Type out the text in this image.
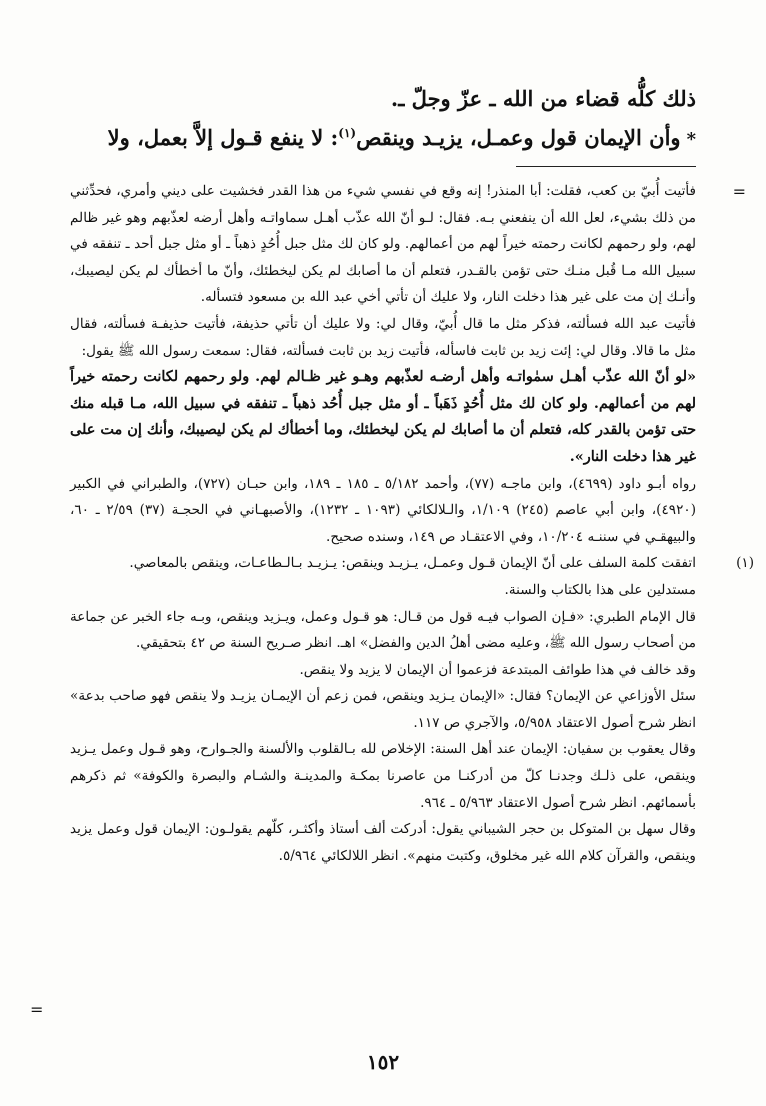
ذلك كلُّه قضاء من الله ـ عزّ وجلّ ـ.

*وأن الإيمان قول وعمـل، يزيـد وينقص$^{(١)}$: لا ينفع قـول إلاَّ بعمل، ولا

=

فأتيت أُبيّ بن كعب، فقلت: أبا المنذر! إنه وقع في نفسي شيء من هذا القدر فخشيت على ديني وأمري، فحدِّثني من ذلك بشيء، لعل الله أن ينفعني بـه. فقال: لـو أنّ الله عذّب أهـل سماواتـه وأهل أرضه لعذّبهم وهو غير ظالم لهم، ولو رحمهم لكانت رحمته خيراً لهم من أعمالهم. ولو كان لك مثل جبل أُحُدٍ ذهباً ـ أو مثل جبل أحد ـ تنفقه في سبيل الله مـا قُبل منـك حتى تؤمن بالقـدر، فتعلم أن ما أصابك لم يكن ليخطئك، وأنّ ما أخطأك لم يكن ليصيبك، وأنـك إن مت على غير هذا دخلت النار، ولا عليك أن تأتي أخي عبد الله بن مسعود فتسأله.

فأتيت عبد الله فسألته، فذكر مثل ما قال أُبيّ، وقال لي: ولا عليك أن تأتي حذيفة، فأتيت حذيفـة فسألته، فقال مثل ما قالا. وقال لي: إئت زيد بن ثابت فاسأله، فأتيت زيد بن ثابت فسألته، فقال: سمعت رسول الله ﷺ يقول:

«لو أنّ الله عذّب أهـل سمٰواتـه وأهل أرضـه لعذّبهم وهـو غير ظـالم لهم. ولو رحمهم لكانت رحمته خيراً لهم من أعمالهم. ولو كان لك مثل أُحُدٍ ذَهَباً ـ أو مثل جبل أُحُد ذهباً ـ تنفقه في سبيل الله، مـا قبله منك حتى تؤمن بالقدر كله، فتعلم أن ما أصابك لم يكن ليخطئك، وما أخطأك لم يكن ليصيبك، وأنك إن مت على غير هذا دخلت النار».

رواه أبـو داود (٤٦٩٩)، وابن ماجـه (٧٧)، وأحمد ٥/١٨٢ ـ ١٨٥ ـ ١٨٩، وابن حبـان (٧٢٧)، والطبراني في الكبير (٤٩٢٠)، وابن أبي عاصم (٢٤٥) ١/١٠٩، والـلالكائي (١٠٩٣ ـ ١٢٣٢)، والأصبهـاني في الحجـة (٣٧) ٢/٥٩ ـ ٦٠، والبيهقـي في سننـه ١٠/٢٠٤، وفي الاعتقـاد ص ١٤٩، وسنده صحيح.

(١)

اتفقت كلمة السلف على أنّ الإيمان قـول وعمـل، يـزيـد وينقص: يـزيـد بـالـطاعـات، وينقص بالمعاصي.

مستدلين على هذا بالكتاب والسنة.

قال الإمام الطبري: «فـإن الصواب فيـه قول من قـال: هو قـول وعمل، ويـزيد وينقص، وبـه جاء الخبر عن جماعة من أصحاب رسول الله ﷺ، وعليه مضى أهلُ الدين والفضل» اهـ. انظر صـريح السنة ص ٤٢ بتحقيقي.

وقد خالف في هذا طوائف المبتدعة فزعموا أن الإيمان لا يزيد ولا ينقص.

سئل الأوزاعي عن الإيمان؟ فقال: «الإيمان يـزيد وينقص، فمن زعم أن الإيمـان يزيـد ولا ينقص فهو صاحب بدعة» انظر شرح أصول الاعتقاد ٥/٩٥٨، والآجري ص ١١٧.

وقال يعقوب بن سفيان: الإيمان عند أهل السنة: الإخلاص لله بـالقلوب والألسنة والجـوارح، وهو قـول وعمل يـزيد وينقص، على ذلـك وجدنـا كلّ من أدركنـا من عاصرنا بمكـة والمدينـة والشـام والبصرة والكوفة» ثم ذكرهم بأسمائهم. انظر شرح أصول الاعتقاد ٥/٩٦٣ ـ ٩٦٤.

وقال سهل بن المتوكل بن حجر الشيباني يقول: أدركت ألف أستاذ وأكثـر، كلّهم يقولـون: الإيمان قول وعمل يزيد وينقص، والقرآن كلام الله غير مخلوق، وكتبت منهم». انظر اللالكائي ٥/٩٦٤.

=
١٥٢
